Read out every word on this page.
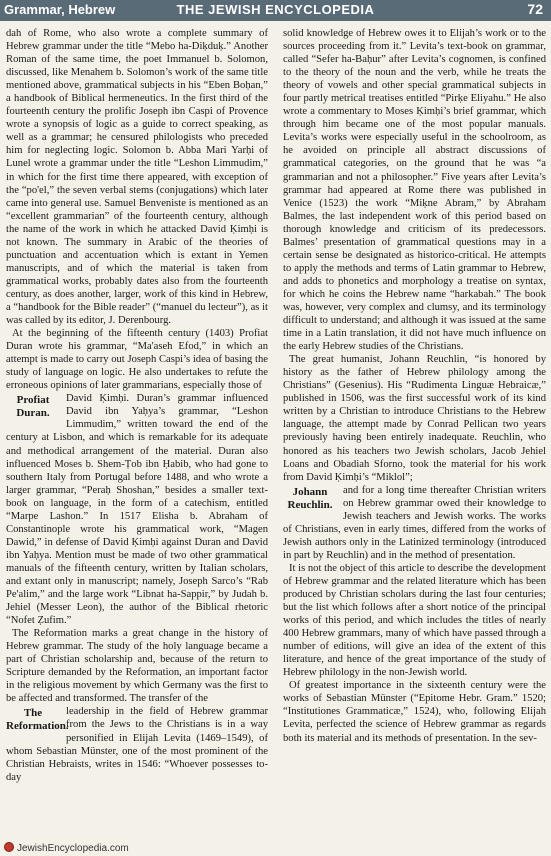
Grammar, Hebrew	THE JEWISH ENCYCLOPEDIA	72

dah of Rome, who also wrote a complete summary of Hebrew grammar under the title “Mebo ha-Diḳduḳ.” Another Roman of the same time, the poet Immanuel b. Solomon, discussed, like Menahem b. Solomon’s work of the same title mentioned above, grammatical subjects in his “Eben Boḥan,” a handbook of Biblical hermeneutics. In the first third of the fourteenth century the prolific Joseph ibn Caspi of Provence wrote a synopsis of logic as a guide to correct speaking, as well as a grammar; he censured philologists who preceded him for neglecting logic. Solomon b. Abba Mari Yarḥi of Lunel wrote a grammar under the title “Leshon Limmudim,” in which for the first time there appeared, with exception of the “po'el,” the seven verbal stems (conjugations) which later came into general use. Samuel Benveniste is mentioned as an “excellent grammarian” of the fourteenth century, although the name of the work in which he attacked David Ḳimḥi is not known. The summary in Arabic of the theories of punctuation and accentuation which is extant in Yemen manuscripts, and of which the material is taken from grammatical works, probably dates also from the fourteenth century, as does another, larger, work of this kind in Hebrew, a “handbook for the Bible reader” (“manuel du lecteur”), as it was called by its editor, J. Derenbourg.

At the beginning of the fifteenth century (1403) Profiat Duran wrote his grammar, “Ma'aseh Efod,” in which an attempt is made to carry out Joseph Caspi’s idea of basing the study of language on logic. He also undertakes to refute the erroneous opinions of later grammarians, especially those of

Profiat Duran.
David Ḳimḥi. Duran’s grammar influenced David ibn Yaḥya’s grammar, “Leshon Limmudim,” written toward the end of the century at Lisbon, and which is remarkable for its adequate and methodical arrangement of the material. Duran also influenced Moses b. Shem-Ṭob ibn Ḥabib, who had gone to southern Italy from Portugal before 1488, and who wrote a larger grammar, “Peraḥ Shoshan,” besides a smaller text-book on language, in the form of a catechism, entitled “Marpe Lashon.” In 1517 Elisha b. Abraham of Constantinople wrote his grammatical work, “Magen Dawid,” in defense of David Ḳimḥi against Duran and David ibn Yaḥya. Mention must be made of two other grammatical manuals of the fifteenth century, written by Italian scholars, and extant only in manuscript; namely, Joseph Sarco’s “Rab Pe'alim,” and the large work “Libnat ha-Sappir,” by Judah b. Jehiel (Messer Leon), the author of the Biblical rhetoric “Nofet Ẓufim.”

The Reformation marks a great change in the history of Hebrew grammar. The study of the holy language became a part of Christian scholarship and, because of the return to Scripture demanded by the Reformation, an important factor in the religious movement by which Germany was the first to be affected and transformed. The transfer of the

The Reformation.
leadership in the field of Hebrew grammar from the Jews to the Christians is in a way personified in Elijah Levita (1469–1549), of whom Sebastian Münster, one of the most prominent of the Christian Hebraists, writes in 1546: “Whoever possesses to-day

solid knowledge of Hebrew owes it to Elijah’s work or to the sources proceeding from it.” Levita’s text-book on grammar, called “Sefer ha-Baḥur” after Levita’s cognomen, is confined to the theory of the noun and the verb, while he treats the theory of vowels and other special grammatical subjects in four partly metrical treatises entitled “Pirḳe Eliyahu.” He also wrote a commentary to Moses Ḳimḥi’s brief grammar, which through him became one of the most popular manuals. Levita’s works were especially useful in the schoolroom, as he avoided on principle all abstract discussions of grammatical categories, on the ground that he was “a grammarian and not a philosopher.” Five years after Levita’s grammar had appeared at Rome there was published in Venice (1523) the work “Miḳne Abram,” by Abraham Balmes, the last independent work of this period based on thorough knowledge and criticism of its predecessors. Balmes’ presentation of grammatical questions may in a certain sense be designated as historico-critical. He attempts to apply the methods and terms of Latin grammar to Hebrew, and adds to phonetics and morphology a treatise on syntax, for which he coins the Hebrew name “harkabah.” The book was, however, very complex and clumsy, and its terminology difficult to understand; and although it was issued at the same time in a Latin translation, it did not have much influence on the early Hebrew studies of the Christians.

The great humanist, Johann Reuchlin, “is honored by history as the father of Hebrew philology among the Christians” (Gesenius). His “Rudimenta Linguæ Hebraicæ,” published in 1506, was the first successful work of its kind written by a Christian to introduce Christians to the Hebrew language, the attempt made by Conrad Pellican two years previously having been entirely inadequate. Reuchlin, who honored as his teachers two Jewish scholars, Jacob Jehiel Loans and Obadiah Sforno, took the material for his work from David Ḳimḥi’s “Miklol”;

Johann Reuchlin.
and for a long time thereafter Christian writers on Hebrew grammar owed their knowledge to Jewish teachers and Jewish works. The works of Christians, even in early times, differed from the works of Jewish authors only in the Latinized terminology (introduced in part by Reuchlin) and in the method of presentation.

It is not the object of this article to describe the development of Hebrew grammar and the related literature which has been produced by Christian scholars during the last four centuries; but the list which follows after a short notice of the principal works of this period, and which includes the titles of nearly 400 Hebrew grammars, many of which have passed through a number of editions, will give an idea of the extent of this literature, and hence of the great importance of the study of Hebrew philology in the non-Jewish world.

Of greatest importance in the sixteenth century were the works of Sebastian Münster (“Epitome Hebr. Gram.” 1520; “Institutiones Grammaticæ,” 1524), who, following Elijah Levita, perfected the science of Hebrew grammar as regards both its material and its methods of presentation. In the sev-

JewishEncyclopedia.com
